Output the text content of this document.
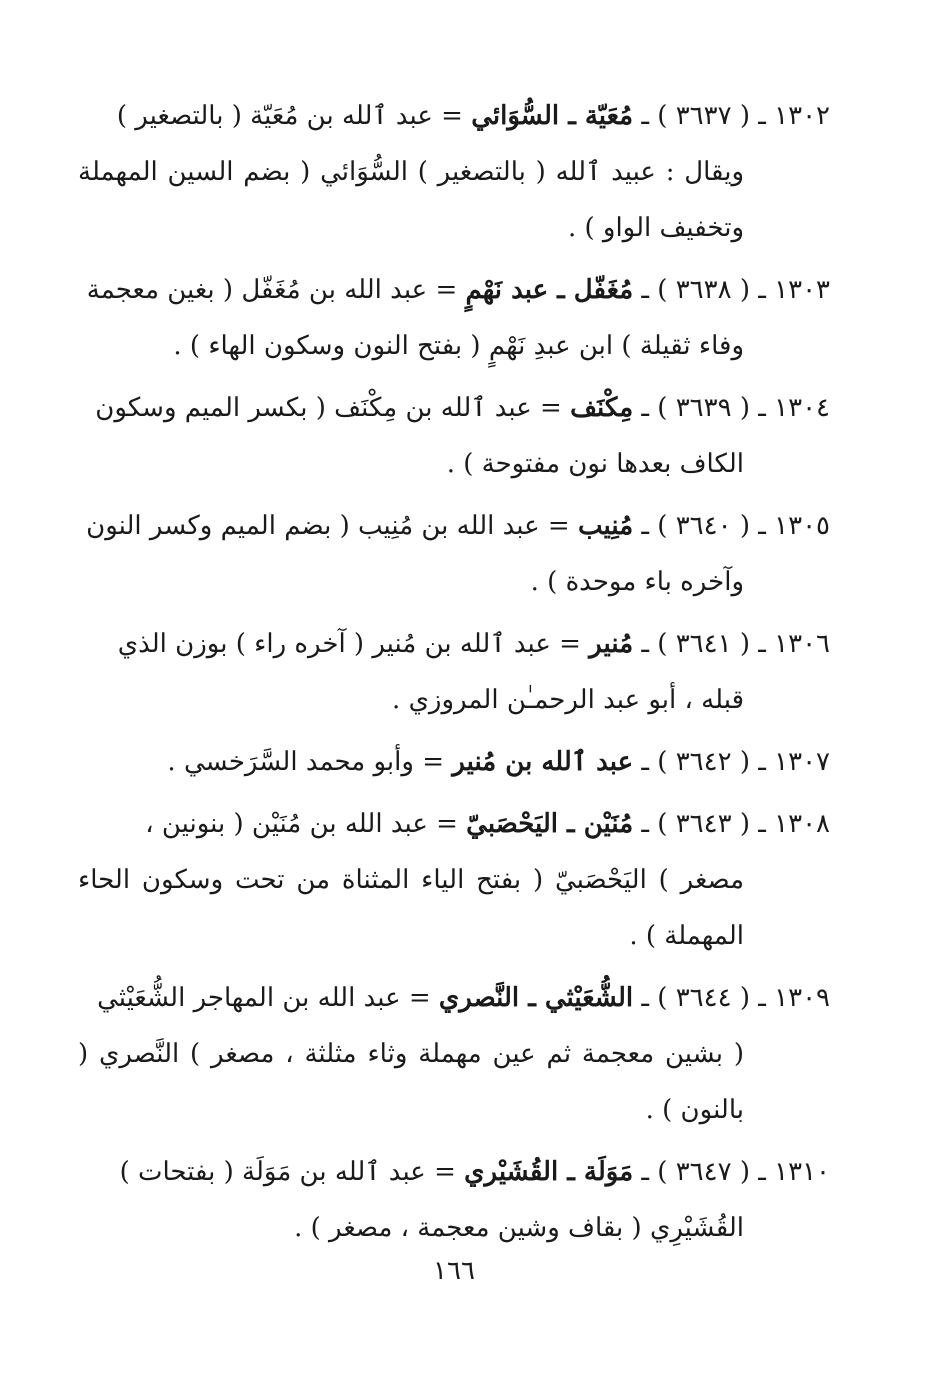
١٣٠٢ ـ ( ٣٦٣٧ ) ـ مُعَيّة ـ السُّوَائي = عبد ٱلله بن مُعَيّة ( بالتصغير )
ويقال : عبيد ٱلله ( بالتصغير ) السُّوَائي ( بضم السين المهملة وتخفيف الواو ) .

١٣٠٣ ـ ( ٣٦٣٨ ) ـ مُغَفّل ـ عبد نَهْمٍ = عبد الله بن مُغَفّل ( بغين معجمة
وفاء ثقيلة ) ابن عبدِ نَهْمٍ ( بفتح النون وسكون الهاء ) .

١٣٠٤ ـ ( ٣٦٣٩ ) ـ مِكْنَف = عبد ٱلله بن مِكْنَف ( بكسر الميم وسكون
الكاف بعدها نون مفتوحة ) .

١٣٠٥ ـ ( ٣٦٤٠ ) ـ مُنِيب = عبد الله بن مُنِيب ( بضم الميم وكسر النون
وآخره باء موحدة ) .

١٣٠٦ ـ ( ٣٦٤١ ) ـ مُنير = عبد ٱلله بن مُنير ( آخره راء ) بوزن الذي
قبله ، أبو عبد الرحمـٰن المروزي .

١٣٠٧ ـ ( ٣٦٤٢ ) ـ عبد ٱلله بن مُنير = وأبو محمد السَّرَخسي .

١٣٠٨ ـ ( ٣٦٤٣ ) ـ مُنَيْن ـ اليَحْصَبيّ = عبد الله بن مُنَيْن ( بنونين ،
مصغر ) اليَحْصَبيّ ( بفتح الياء المثناة من تحت وسكون الحاء المهملة ) .

١٣٠٩ ـ ( ٣٦٤٤ ) ـ الشُّعَيْثي ـ النَّصري = عبد الله بن المهاجر الشُّعَيْثي
( بشين معجمة ثم عين مهملة وثاء مثلثة ، مصغر ) النَّصري ( بالنون ) .

١٣١٠ ـ ( ٣٦٤٧ ) ـ مَوَلَة ـ القُشَيْري = عبد ٱلله بن مَوَلَة ( بفتحات )
القُشَيْرِي ( بقاف وشين معجمة ، مصغر ) .

١٦٦
